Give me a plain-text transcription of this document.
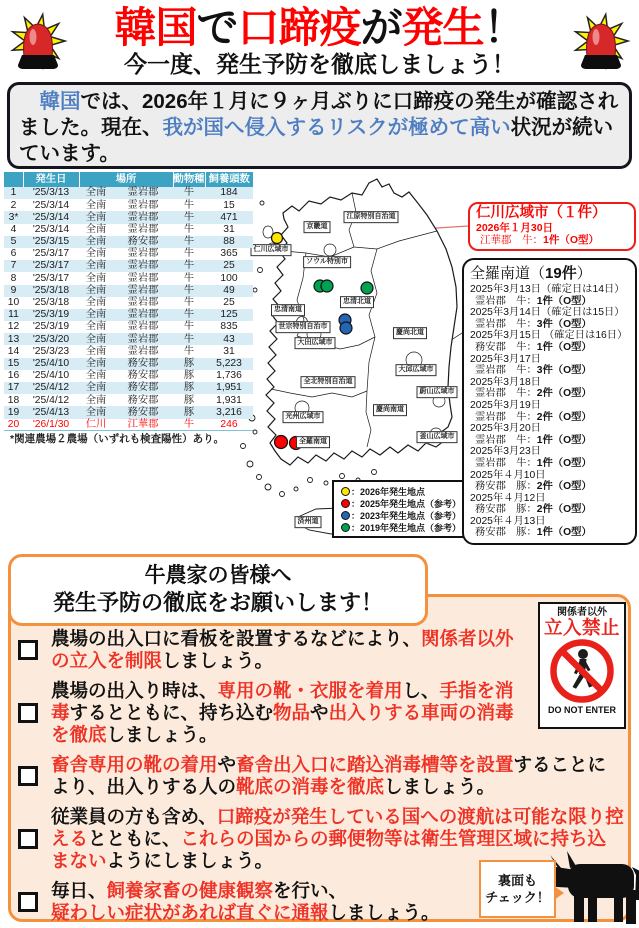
韓国で口蹄疫が発生！
今一度、発生予防を徹底しましょう！
　韓国では、2026年１月に９ヶ月ぶりに口蹄疫の発生が確認されました。現在、我が国へ侵入するリスクが極めて高い状況が続いています。
仁川広域市
京畿道
江原特別自治道
ソウル特別市
忠清南道
忠清北道
世宗特別自治市
大田広域市
慶尚北道
全北特別自治道
大邱広域市
蔚山広域市
慶尚南道
光州広域市
全羅南道
釜山広域市
済州道
	発生日	場所		動物種	飼養頭数
1	'25/3/13	全南	霊岩郡	牛	184
2	'25/3/14	全南	霊岩郡	牛	15
3*	'25/3/14	全南	霊岩郡	牛	471
4	'25/3/14	全南	霊岩郡	牛	31
5	'25/3/15	全南	務安郡	牛	88
6	'25/3/17	全南	霊岩郡	牛	365
7	'25/3/17	全南	霊岩郡	牛	25
8	'25/3/17	全南	霊岩郡	牛	100
9	'25/3/18	全南	霊岩郡	牛	49
10	'25/3/18	全南	霊岩郡	牛	25
11	'25/3/19	全南	霊岩郡	牛	125
12	'25/3/19	全南	霊岩郡	牛	835
13	'25/3/20	全南	霊岩郡	牛	43
14	'25/3/23	全南	霊岩郡	牛	31
15	'25/4/10	全南	務安郡	豚	5,223
16	'25/4/10	全南	務安郡	豚	1,736
17	'25/4/12	全南	務安郡	豚	1,951
18	'25/4/12	全南	務安郡	豚	1,931
19	'25/4/13	全南	務安郡	豚	3,216
20	'26/1/30	仁川	江華郡	牛	246
*関連農場２農場（いずれも検査陽性）あり。
：2026年発生地点
：2025年発生地点（参考）
：2023年発生地点（参考）
：2019年発生地点（参考）
仁川広域市（１件）
2026年１月30日
江華郡　牛：1件（O型）
全羅南道（19件）
2025年3月13日（確定日は14日）
霊岩郡　牛：1件（O型）
2025年3月14日（確定日は15日）
霊岩郡　牛：3件（O型）
2025年3月15日 （確定日は16日）
務安郡　牛：1件（O型）
2025年3月17日
霊岩郡　牛：3件（O型）
2025年3月18日
霊岩郡　牛：2件（O型）
2025年3月19日
霊岩郡　牛：2件（O型）
2025年3月20日
霊岩郡　牛：1件（O型）
2025年3月23日
霊岩郡　牛：1件（O型）
2025年４月10日
務安郡　豚：2件（O型）
2025年４月12日
務安郡　豚：2件（O型）
2025年４月13日
務安郡　豚：1件（O型）
牛農家の皆様へ
発生予防の徹底をお願いします！
農場の出入口に看板を設置するなどにより、関係者以外の立入を制限しましょう。
農場の出入り時は、専用の靴・衣服を着用し、手指を消毒するとともに、持ち込む物品や出入りする車両の消毒を徹底しましょう。
畜舎専用の靴の着用や畜舎出入口に踏込消毒槽等を設置することにより、出入りする人の靴底の消毒を徹底しましょう。
従業員の方も含め、口蹄疫が発生している国への渡航は可能な限り控えるとともに、これらの国からの郵便物等は衛生管理区域に持ち込まないようにしましょう。
毎日、飼養家畜の健康観察を行い、
疑わしい症状があれば直ぐに通報しましょう。
関係者以外
立入禁止
DO NOT ENTER
裏面も
チェック！
